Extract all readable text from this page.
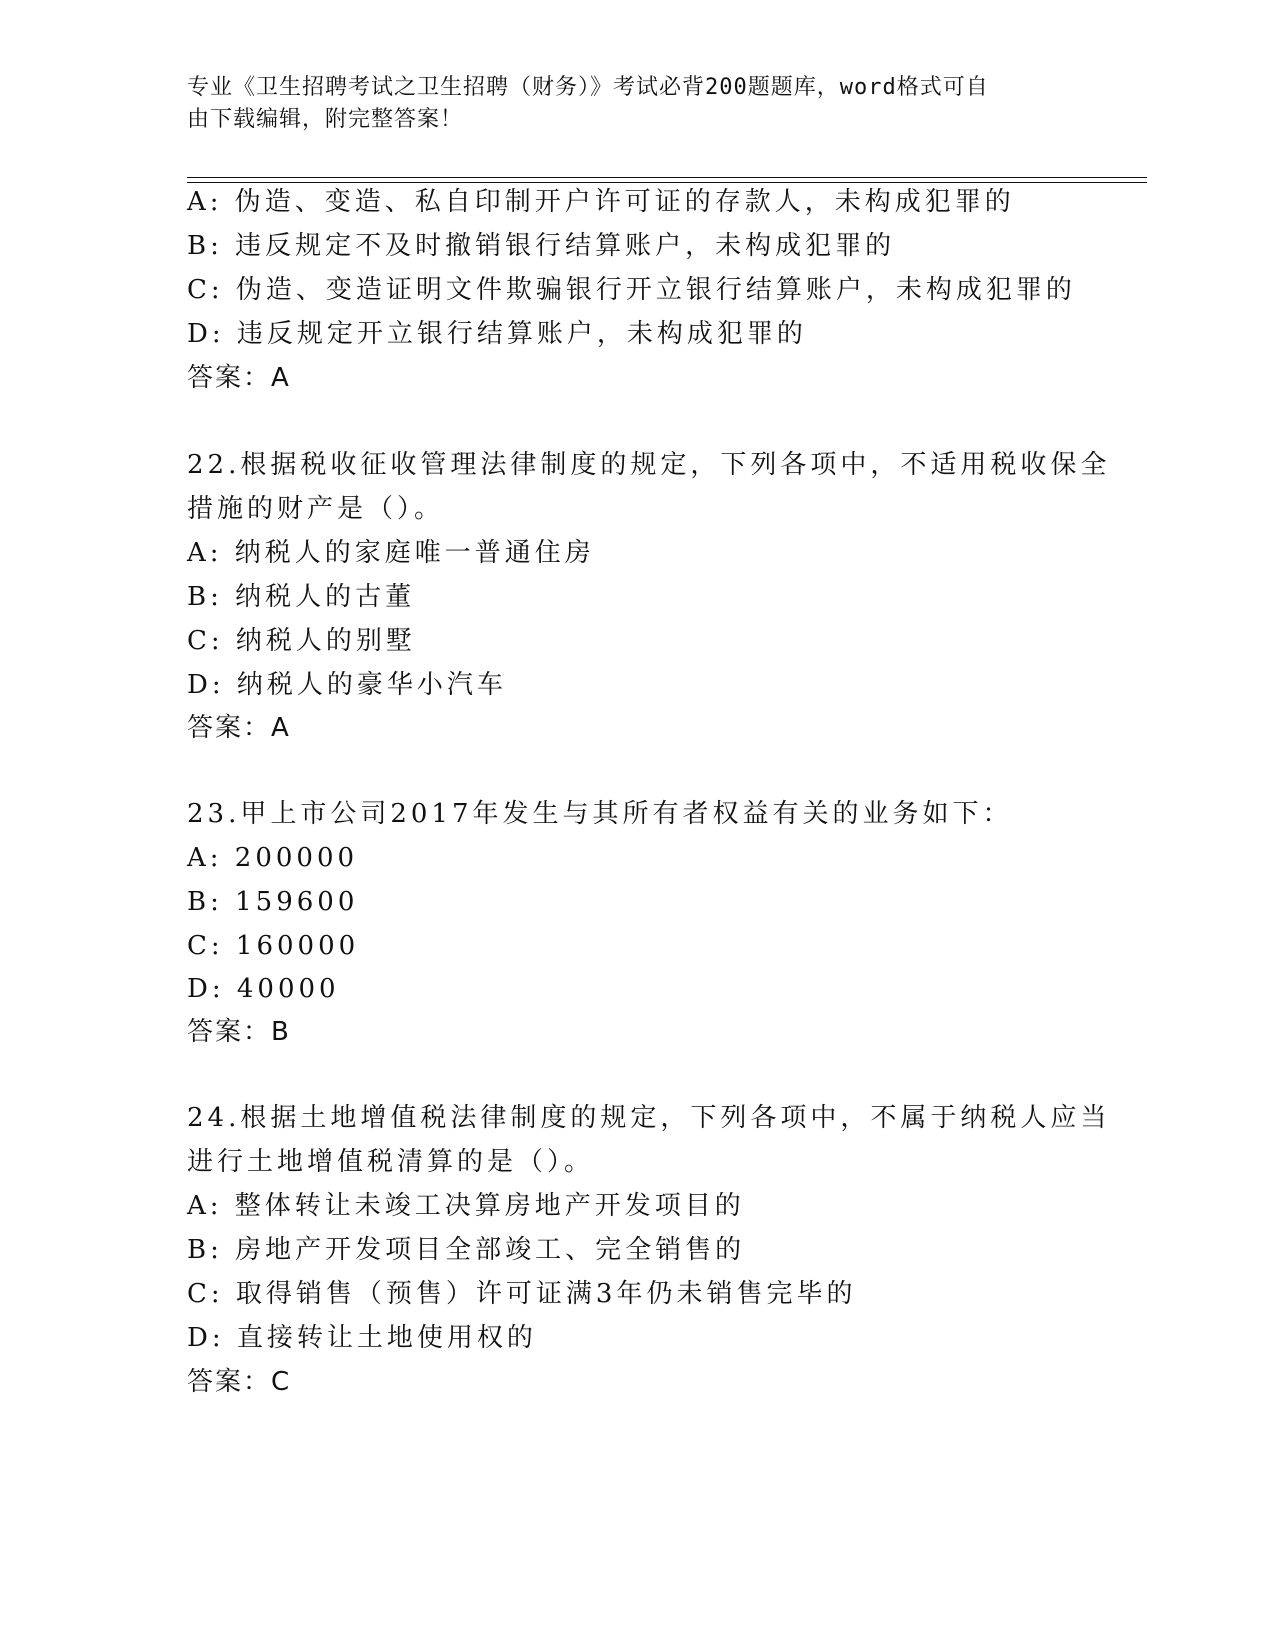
专业《卫生招聘考试之卫生招聘（财务）》考试必背200题题库，word格式可自
由下载编辑，附完整答案！
A: 伪造、变造、私自印制开户许可证的存款人，未构成犯罪的
B: 违反规定不及时撤销银行结算账户，未构成犯罪的
C: 伪造、变造证明文件欺骗银行开立银行结算账户，未构成犯罪的
D: 违反规定开立银行结算账户，未构成犯罪的
答案：A
22.根据税收征收管理法律制度的规定，下列各项中，不适用税收保全
措施的财产是（）。
A: 纳税人的家庭唯一普通住房
B: 纳税人的古董
C: 纳税人的别墅
D: 纳税人的豪华小汽车
答案：A
23.甲上市公司2017年发生与其所有者权益有关的业务如下：
A: 200000
B: 159600
C: 160000
D: 40000
答案：B
24.根据土地增值税法律制度的规定，下列各项中，不属于纳税人应当
进行土地增值税清算的是（）。
A: 整体转让未竣工决算房地产开发项目的
B: 房地产开发项目全部竣工、完全销售的
C: 取得销售（预售）许可证满3年仍未销售完毕的
D: 直接转让土地使用权的
答案：C
